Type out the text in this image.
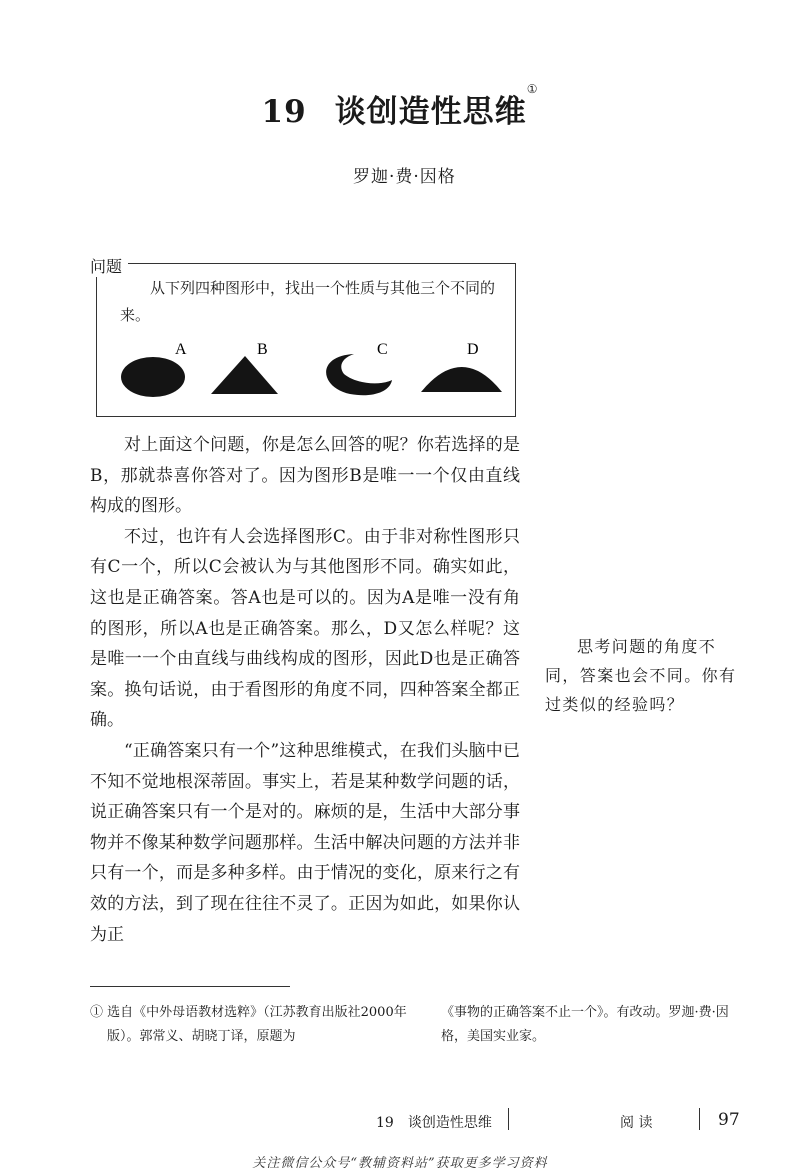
19 谈创造性思维①
罗迦·费·因格
问题
从下列四种图形中，找出一个性质与其他三个不同的来。
A	B	C	D

对上面这个问题，你是怎么回答的呢？你若选择的是B，那就恭喜你答对了。因为图形B是唯一一个仅由直线构成的图形。

不过，也许有人会选择图形C。由于非对称性图形只有C一个，所以C会被认为与其他图形不同。确实如此，这也是正确答案。答A也是可以的。因为A是唯一没有角的图形，所以A也是正确答案。那么，D又怎么样呢？这是唯一一个由直线与曲线构成的图形，因此D也是正确答案。换句话说，由于看图形的角度不同，四种答案全都正确。

“正确答案只有一个”这种思维模式，在我们头脑中已不知不觉地根深蒂固。事实上，若是某种数学问题的话，说正确答案只有一个是对的。麻烦的是，生活中大部分事物并不像某种数学问题那样。生活中解决问题的方法并非只有一个，而是多种多样。由于情况的变化，原来行之有效的方法，到了现在往往不灵了。正因为如此，如果你认为正

思考问题的角度不同，答案也会不同。你有过类似的经验吗？
① 选自《中外母语教材选粹》（江苏教育出版社2000年版）。郭常义、胡晓丁译，原题为
《事物的正确答案不止一个》。有改动。罗迦·费·因格，美国实业家。
19　谈创造性思维	阅 读	97
关注微信公众号“教辅资料站”获取更多学习资料
